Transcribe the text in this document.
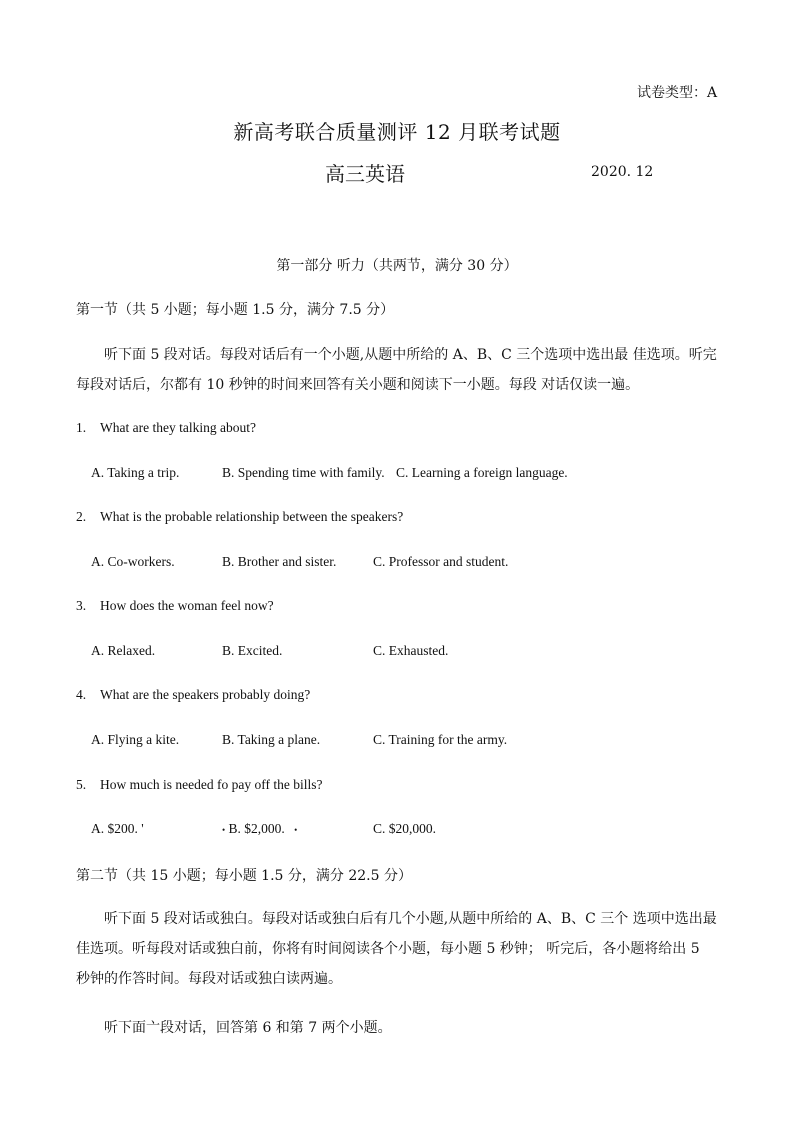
试卷类型：A
新高考联合质量测评 12 月联考试题
高三英语	2020. 12
第一部分 听力（共两节，满分 30 分）
第一节（共 5 小题；每小题 1.5 分，满分 7.5 分）
听下面 5 段对话。每段对话后有一个小题,从题中所给的 A、B、C 三个选项中选出最 佳选项。听完每段对话后，尔都有 10 秒钟的时间来回答有关小题和阅读下一小题。每段 对话仅读一遍。
1. What are they talking about?
A. Taking a trip.	B. Spending time with family. C. Learning a foreign language.
2. What is the probable relationship between the speakers?
A. Co-workers.	B. Brother and sister.	C. Professor and student.
3. How does the woman feel now?
A. Relaxed.	B. Excited.	C. Exhausted.
4. What are the speakers probably doing?
A. Flying a kite.	B. Taking a plane.	C. Training for the army.
5. How much is needed fo pay off the bills?
A. $200. '	• B. $2,000. •	C. $20,000.
第二节（共 15 小题；每小题 1.5 分，满分 22.5 分）
听下面 5 段对话或独白。每段对话或独白后有几个小题,从题中所给的 A、B、C 三个 选项中选出最佳选项。听每段对话或独白前，你将有时间阅读各个小题，每小题 5 秒钟； 听完后，各小题将给出 5 秒钟的作答时间。每段对话或独白读两遍。
听下面亠段对话，回答第 6 和第 7 两个小题。
